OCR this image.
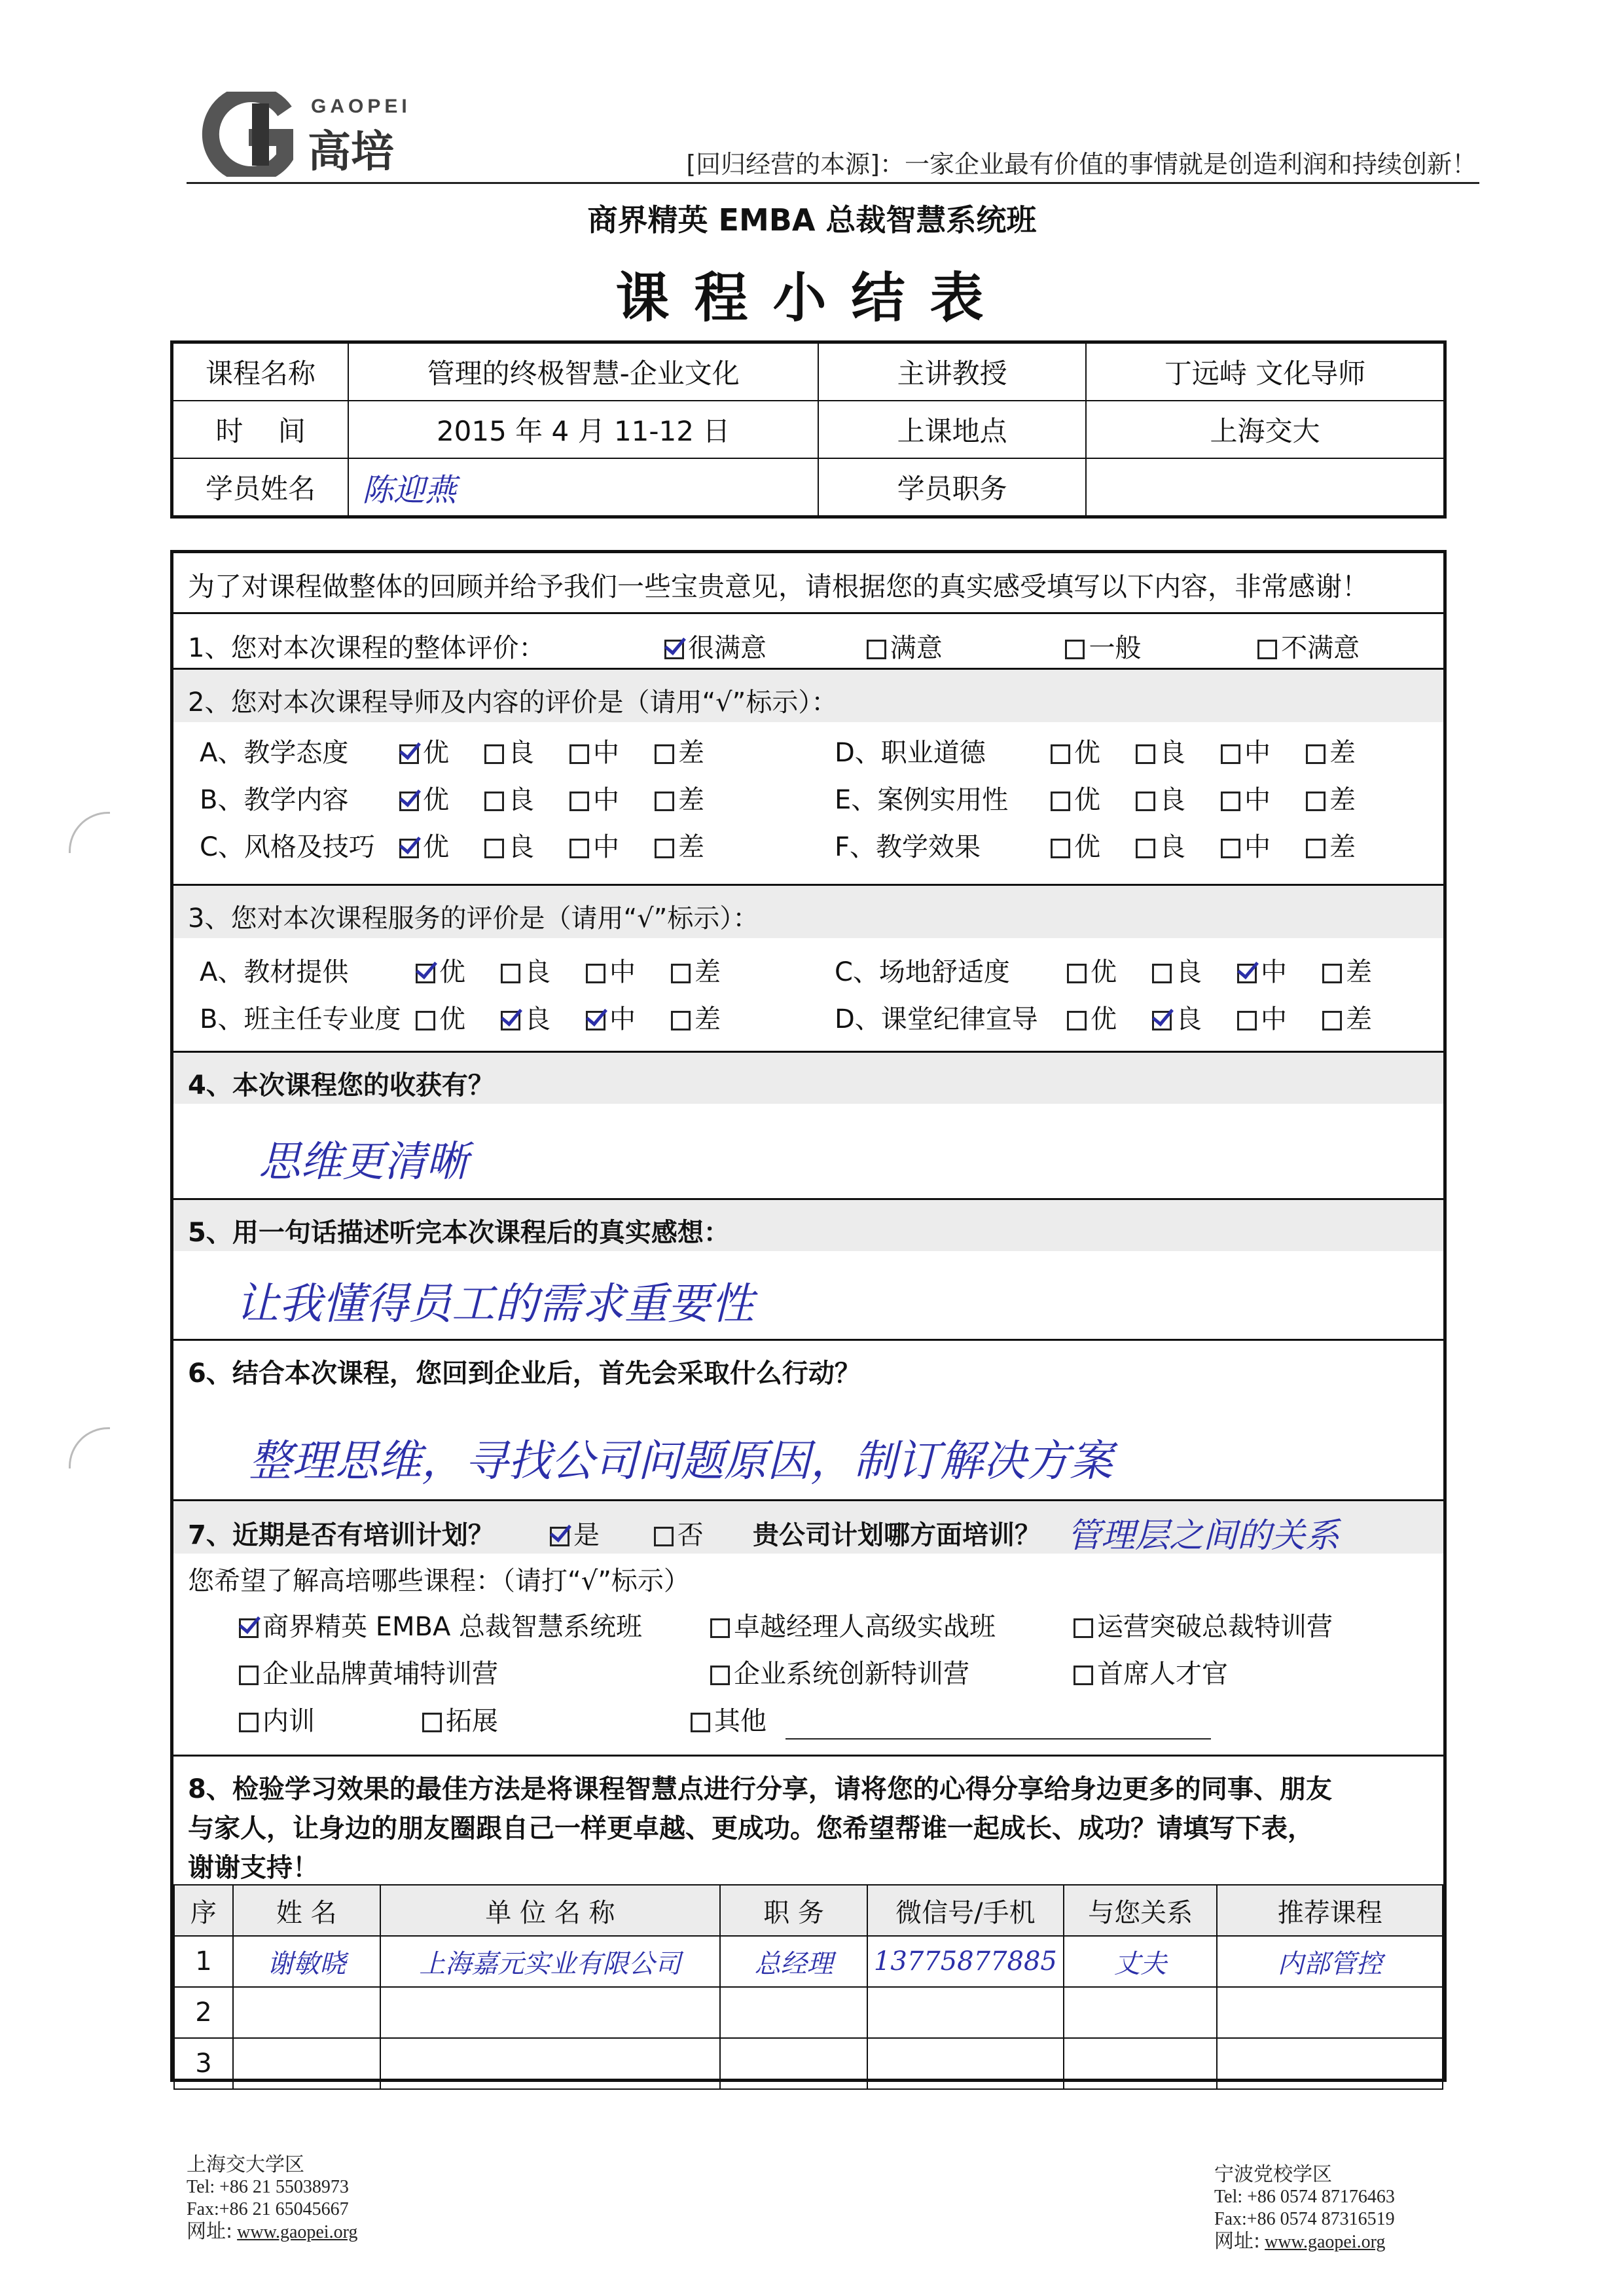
GAOPEI
高培	[回归经营的本源]：一家企业最有价值的事情就是创造利润和持续创新！
商界精英 EMBA 总裁智慧系统班
课程小结表
课程名称	管理的终极智慧-企业文化	主讲教授	丁远峙 文化导师
时    间	2015 年 4 月 11-12 日	上课地点	上海交大
学员姓名	陈迎燕	学员职务	
为了对课程做整体的回顾并给予我们一些宝贵意见，请根据您的真实感受填写以下内容，非常感谢！
1、您对本次课程的整体评价：	很满意	满意	一般	不满意
2、您对本次课程导师及内容的评价是（请用“√”标示）：
A、教学态度	优 良 中 差
B、教学内容	优 良 中 差
C、风格及技巧 优 良 中 差
D、职业道德	优 良 中 差
E、案例实用性	优 良 中 差
F、教学效果	优 良 中 差
3、您对本次课程服务的评价是（请用“√”标示）：
A、教材提供	优 良 中 差
B、班主任专业度 优 良 中 差
C、场地舒适度	优 良 中 差
D、课堂纪律宣导 优 良 中 差
4、本次课程您的收获有？
思维更清晰
5、用一句话描述听完本次课程后的真实感想：
让我懂得员工的需求重要性
6、结合本次课程，您回到企业后，首先会采取什么行动？
整理思维，寻找公司问题原因，制订解决方案
7、近期是否有培训计划？	是	否 贵公司计划哪方面培训？ 管理层之间的关系
您希望了解高培哪些课程：（请打“√”标示）
商界精英 EMBA 总裁智慧系统班	卓越经理人高级实战班	运营突破总裁特训营
企业品牌黄埔特训营	企业系统创新特训营	首席人才官
内训	拓展	其他
8、检验学习效果的最佳方法是将课程智慧点进行分享，请将您的心得分享给身边更多的同事、朋友
与家人，让身边的朋友圈跟自己一样更卓越、更成功。您希望帮谁一起成长、成功？请填写下表，
谢谢支持！
序	姓 名	单 位 名 称	职 务	微信号/手机	与您关系	推荐课程
1	谢敏晓	上海嘉元实业有限公司	总经理	13775877885	丈夫	内部管控
2						
3						
上海交大学区
Tel: +86 21 55038973
Fax:+86 21 65045667
网址: www.gaopei.org
宁波党校学区
Tel: +86 0574 87176463
Fax:+86 0574 87316519
网址: www.gaopei.org
